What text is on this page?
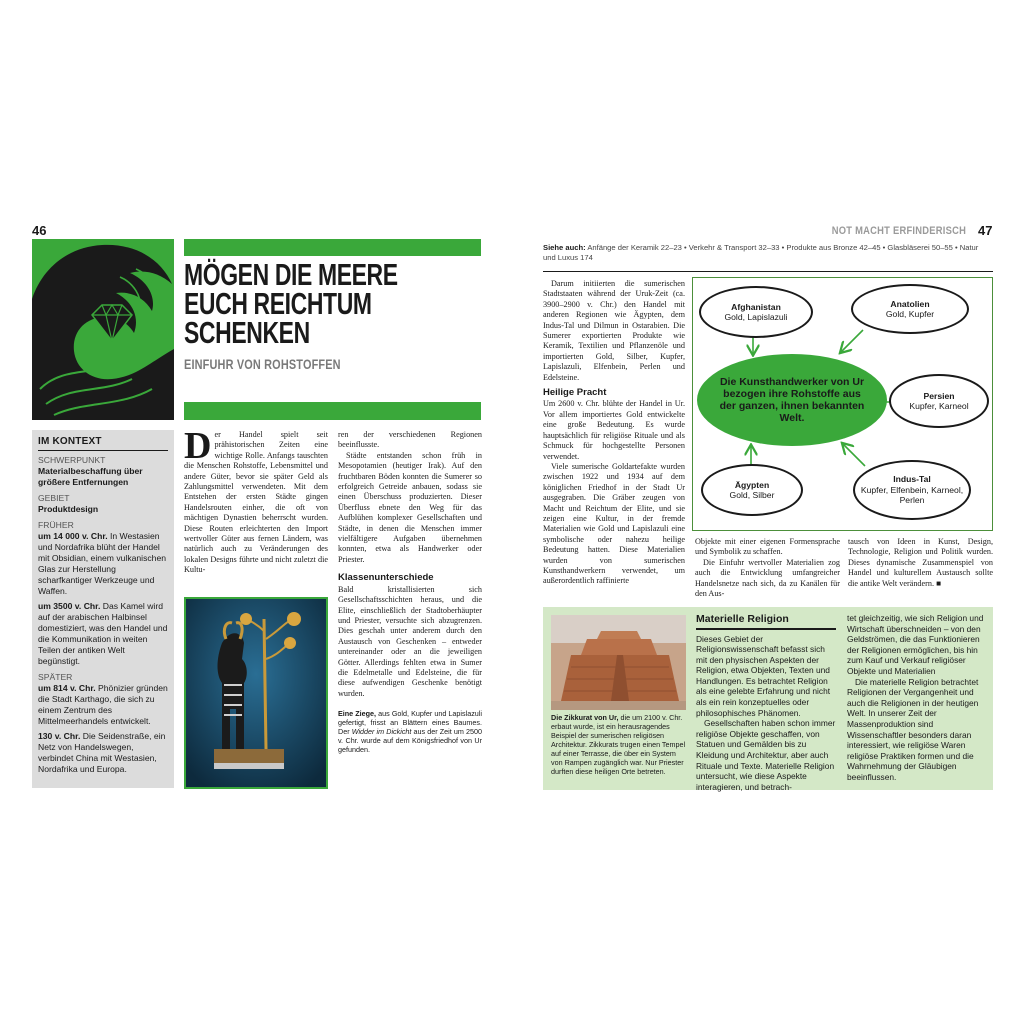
46
MÖGEN DIE MEERE
EUCH REICHTUM
SCHENKEN
EINFUHR VON ROHSTOFFEN
IM KONTEXT
SCHWERPUNKT
Materialbeschaffung über größere Entfernungen
GEBIET
Produktdesign
FRÜHER
um 14 000 v. Chr. In Westasien und Nordafrika blüht der Handel mit Obsidian, einem vulkanischen Glas zur Herstellung scharfkantiger Werkzeuge und Waffen.
um 3500 v. Chr. Das Kamel wird auf der arabischen Halbinsel domestiziert, was den Handel und die Kommunikation in weiten Teilen der antiken Welt begünstigt.
SPÄTER
um 814 v. Chr. Phönizier gründen die Stadt Karthago, die sich zu einem Zentrum des Mittelmeerhandels entwickelt.
130 v. Chr. Die Seidenstraße, ein Netz von Handelswegen, verbindet China mit Westasien, Nordafrika und Europa.

Der Handel spielt seit prähistorischen Zeiten eine wichtige Rolle. Anfangs tauschten die Menschen Rohstoffe, Lebensmittel und andere Güter, bevor sie später Geld als Zahlungsmittel verwendeten. Mit dem Entstehen der ersten Städte gingen Handelsrouten einher, die oft von mächtigen Dynastien beherrscht wurden. Diese Routen erleichterten den Import wertvoller Güter aus fernen Ländern, was natürlich auch zu Veränderungen des lokalen Designs führte und nicht zuletzt die Kultu-

ren der verschiedenen Regionen beeinflusste.

Städte entstanden schon früh in Mesopotamien (heutiger Irak). Auf den fruchtbaren Böden konnten die Sumerer so erfolgreich Getreide anbauen, sodass sie einen Überschuss produzierten. Dieser Überfluss ebnete den Weg für das Aufblühen komplexer Gesellschaften und Städte, in denen die Menschen immer vielfältigere Aufgaben übernehmen konnten, etwa als Handwerker oder Priester.

Klassenunterschiede

Bald kristallisierten sich Gesellschaftsschichten heraus, und die Elite, einschließlich der Stadtoberhäupter und Priester, versuchte sich abzugrenzen. Dies geschah unter anderem durch den Austausch von Geschenken – entweder untereinander oder an die jeweiligen Götter. Allerdings fehlten etwa in Sumer die Edelmetalle und Edelsteine, die für diese aufwendigen Geschenke benötigt wurden.

Eine Ziege, aus Gold, Kupfer und Lapislazuli gefertigt, frisst an Blättern eines Baumes. Der Widder im Dickicht aus der Zeit um 2500 v. Chr. wurde auf dem Königsfriedhof von Ur gefunden.
NOT MACHT ERFINDERISCH 47
Siehe auch: Anfänge der Keramik 22–23 • Verkehr & Transport 32–33 • Produkte aus Bronze 42–45 • Glasbläserei 50–55 • Natur und Luxus 174

Darum initiierten die sumerischen Stadtstaaten während der Uruk-Zeit (ca. 3900–2900 v. Chr.) den Handel mit anderen Regionen wie Ägypten, dem Indus-Tal und Dilmun in Ostarabien. Die Sumerer exportierten Produkte wie Keramik, Textilien und Pflanzenöle und importierten Gold, Silber, Kupfer, Lapislazuli, Elfenbein, Perlen und Edelsteine.

Heilige Pracht

Um 2600 v. Chr. blühte der Handel in Ur. Vor allem importiertes Gold entwickelte eine große Bedeutung. Es wurde hauptsächlich für religiöse Rituale und als Schmuck für hochgestellte Personen verwendet.

Viele sumerische Goldartefakte wurden zwischen 1922 und 1934 auf dem königlichen Friedhof in der Stadt Ur ausgegraben. Die Gräber zeugen von Macht und Reichtum der Elite, und sie zeigen eine Kultur, in der fremde Materialien wie Gold und Lapislazuli eine symbolische oder nahezu heilige Bedeutung hatten. Diese Materialien wurden von sumerischen Kunsthandwerkern verwendet, um außerordentlich raffinierte

Afghanistan
Gold, Lapislazuli
Anatolien
Gold, Kupfer
Die Kunsthandwerker von Ur bezogen ihre Rohstoffe aus der ganzen, ihnen bekannten Welt.
Persien
Kupfer, Karneol
Ägypten
Gold, Silber
Indus-Tal
Kupfer, Elfenbein, Karneol, Perlen

Objekte mit einer eigenen Formensprache und Symbolik zu schaffen.

Die Einfuhr wertvoller Materialien zog auch die Entwicklung umfangreicher Handelsnetze nach sich, da zu Kanälen für den Aus-

tausch von Ideen in Kunst, Design, Technologie, Religion und Politik wurden. Dieses dynamische Zusammenspiel von Handel und kulturellem Austausch sollte die antike Welt verändern. ■

Die Zikkurat von Ur, die um 2100 v. Chr. erbaut wurde, ist ein herausragendes Beispiel der sumerischen religiösen Architektur. Zikkurats trugen einen Tempel auf einer Terrasse, die über ein System von Rampen zugänglich war. Nur Priester durften diese heiligen Orte betreten.
Materielle Religion

Dieses Gebiet der Religionswissenschaft befasst sich mit den physischen Aspekten der Religion, etwa Objekten, Texten und Handlungen. Es betrachtet Religion als eine gelebte Erfahrung und nicht als ein rein konzeptuelles oder philosophisches Phänomen.

Gesellschaften haben schon immer religiöse Objekte geschaffen, von Statuen und Gemälden bis zu Kleidung und Architektur, aber auch Rituale und Texte. Materielle Religion untersucht, wie diese Aspekte interagieren, und betrach-

tet gleichzeitig, wie sich Religion und Wirtschaft überschneiden – von den Geldströmen, die das Funktionieren der Religionen ermöglichen, bis hin zum Kauf und Verkauf religiöser Objekte und Materialien

Die materielle Religion betrachtet Religionen der Vergangenheit und auch die Religionen in der heutigen Welt. In unserer Zeit der Massenproduktion sind Wissenschaftler besonders daran interessiert, wie religiöse Waren religiöse Praktiken formen und die Wahrnehmung der Gläubigen beeinflussen.
